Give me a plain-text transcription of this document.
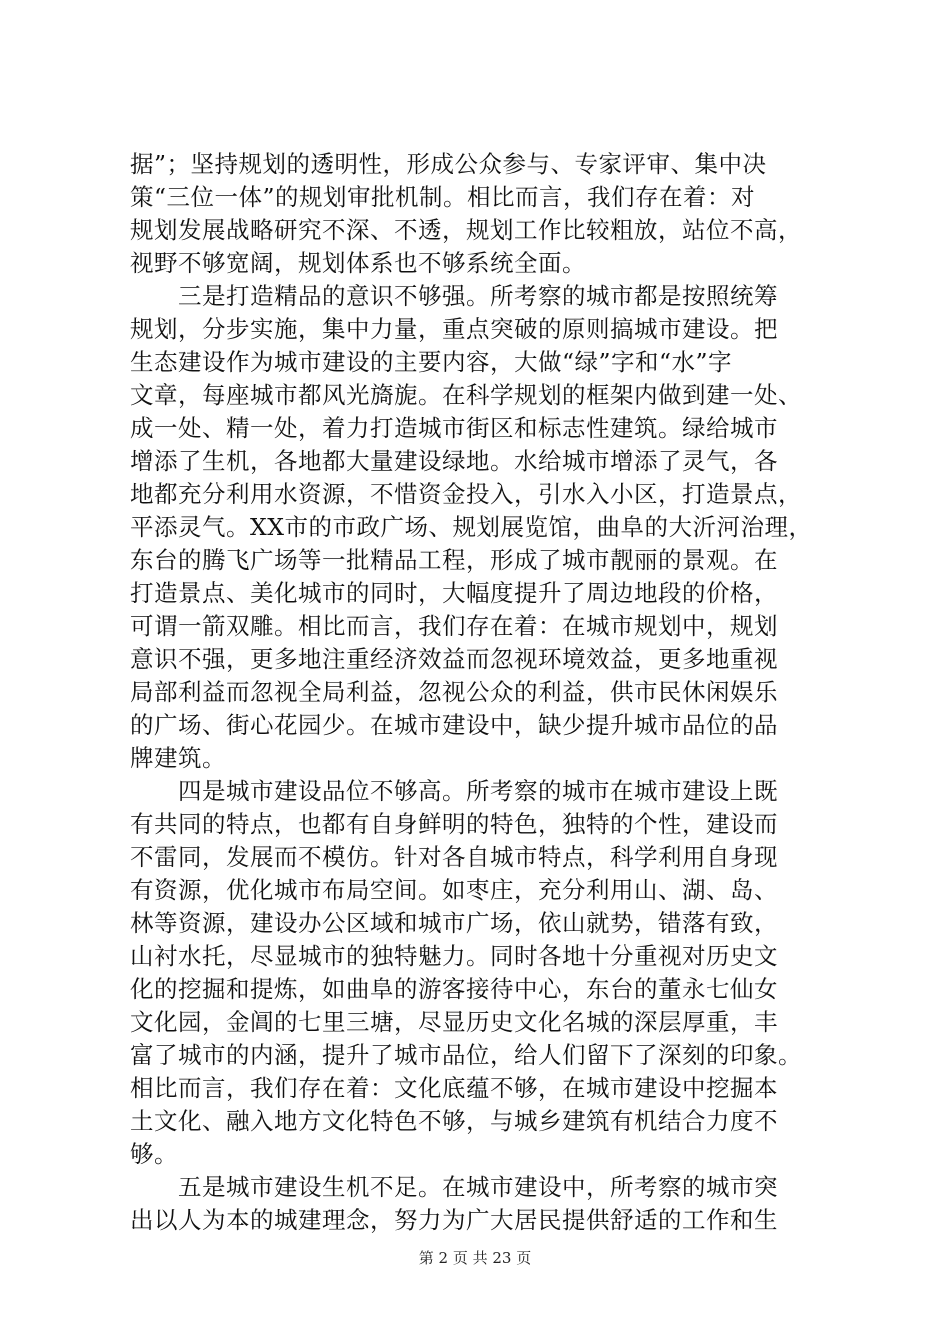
据”；坚持规划的透明性，形成公众参与、专家评审、集中决
策“三位一体”的规划审批机制。相比而言，我们存在着：对
规划发展战略研究不深、不透，规划工作比较粗放，站位不高，
视野不够宽阔，规划体系也不够系统全面。
　　三是打造精品的意识不够强。所考察的城市都是按照统筹
规划，分步实施，集中力量，重点突破的原则搞城市建设。把
生态建设作为城市建设的主要内容，大做“绿”字和“水”字
文章，每座城市都风光旖旎。在科学规划的框架内做到建一处、
成一处、精一处，着力打造城市街区和标志性建筑。绿给城市
增添了生机，各地都大量建设绿地。水给城市增添了灵气，各
地都充分利用水资源，不惜资金投入，引水入小区，打造景点，
平添灵气。XX市的市政广场、规划展览馆，曲阜的大沂河治理，
东台的腾飞广场等一批精品工程，形成了城市靓丽的景观。在
打造景点、美化城市的同时，大幅度提升了周边地段的价格，
可谓一箭双雕。相比而言，我们存在着：在城市规划中，规划
意识不强，更多地注重经济效益而忽视环境效益，更多地重视
局部利益而忽视全局利益，忽视公众的利益，供市民休闲娱乐
的广场、街心花园少。在城市建设中，缺少提升城市品位的品
牌建筑。
　　四是城市建设品位不够高。所考察的城市在城市建设上既
有共同的特点，也都有自身鲜明的特色，独特的个性，建设而
不雷同，发展而不模仿。针对各自城市特点，科学利用自身现
有资源，优化城市布局空间。如枣庄，充分利用山、湖、岛、
林等资源，建设办公区域和城市广场，依山就势，错落有致，
山衬水托，尽显城市的独特魅力。同时各地十分重视对历史文
化的挖掘和提炼，如曲阜的游客接待中心，东台的董永七仙女
文化园，金阊的七里三塘，尽显历史文化名城的深层厚重，丰
富了城市的内涵，提升了城市品位，给人们留下了深刻的印象。
相比而言，我们存在着：文化底蕴不够，在城市建设中挖掘本
土文化、融入地方文化特色不够，与城乡建筑有机结合力度不
够。
　　五是城市建设生机不足。在城市建设中，所考察的城市突
出以人为本的城建理念，努力为广大居民提供舒适的工作和生
第 2 页 共 23 页
